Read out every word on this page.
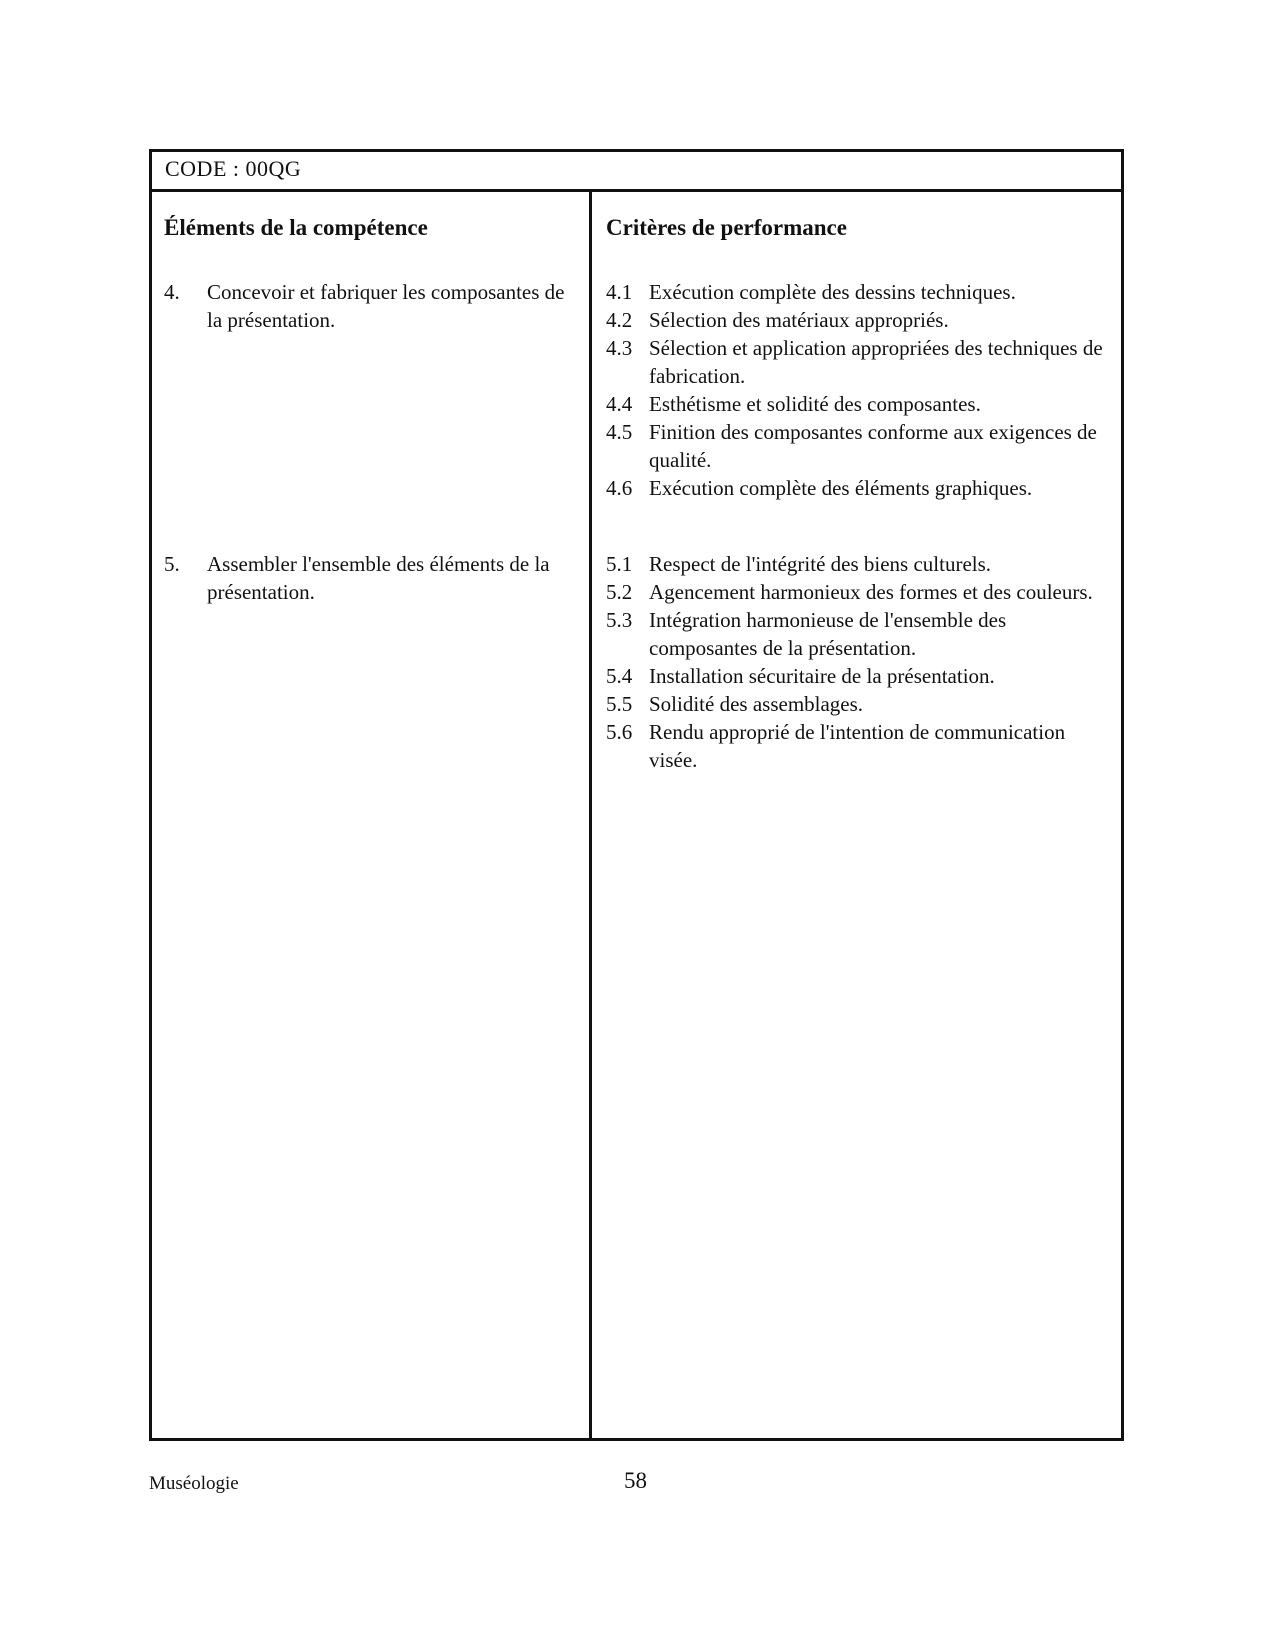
CODE : 00QG
Éléments de la compétence
4. Concevoir et fabriquer les composantes de la présentation.
5. Assembler l'ensemble des éléments de la présentation.
Critères de performance
4.1 Exécution complète des dessins techniques.
4.2 Sélection des matériaux appropriés.
4.3 Sélection et application appropriées des techniques de fabrication.
4.4 Esthétisme et solidité des composantes.
4.5 Finition des composantes conforme aux exigences de qualité.
4.6 Exécution complète des éléments graphiques.
5.1 Respect de l'intégrité des biens culturels.
5.2 Agencement harmonieux des formes et des couleurs.
5.3 Intégration harmonieuse de l'ensemble des composantes de la présentation.
5.4 Installation sécuritaire de la présentation.
5.5 Solidité des assemblages.
5.6 Rendu approprié de l'intention de communication visée.
Muséologie	58
